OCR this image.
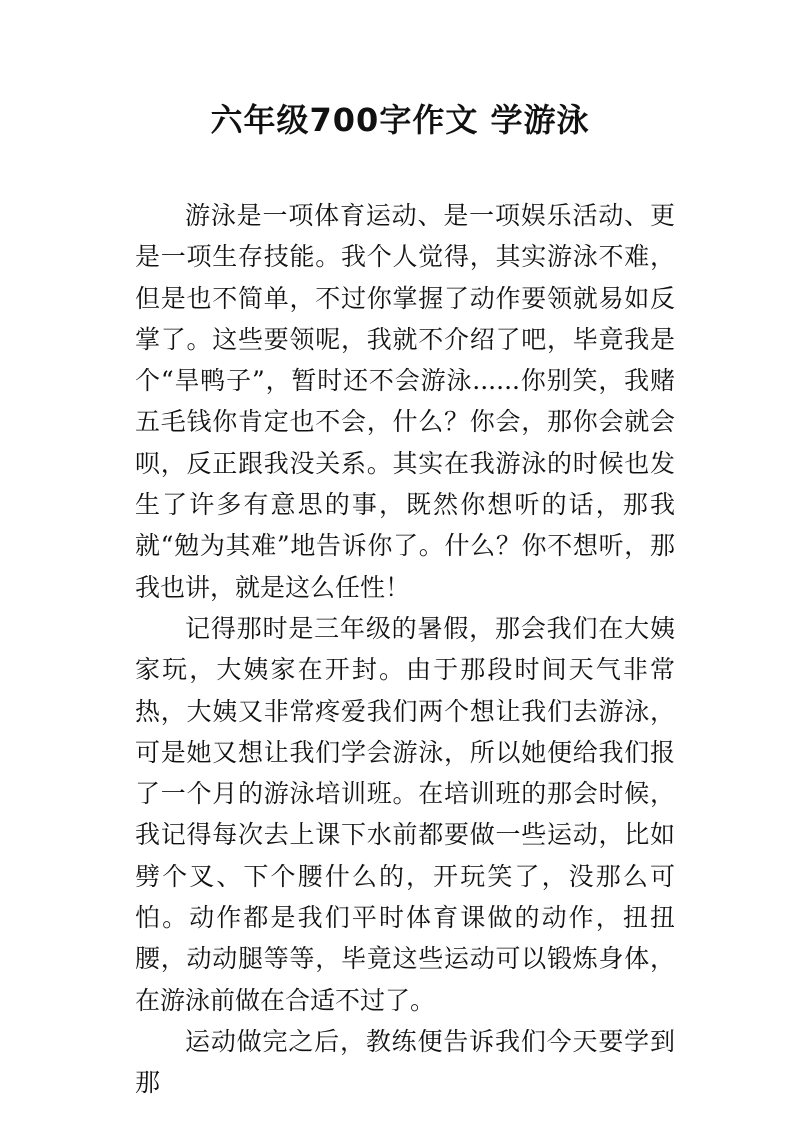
六年级700字作文 学游泳

游泳是一项体育运动、是一项娱乐活动、更是一项生存技能。我个人觉得，其实游泳不难，但是也不简单，不过你掌握了动作要领就易如反掌了。这些要领呢，我就不介绍了吧，毕竟我是个“旱鸭子”，暂时还不会游泳......你别笑，我赌五毛钱你肯定也不会，什么？你会，那你会就会呗，反正跟我没关系。其实在我游泳的时候也发生了许多有意思的事，既然你想听的话，那我就“勉为其难”地告诉你了。什么？你不想听，那我也讲，就是这么任性！

记得那时是三年级的暑假，那会我们在大姨家玩，大姨家在开封。由于那段时间天气非常热，大姨又非常疼爱我们两个想让我们去游泳，可是她又想让我们学会游泳，所以她便给我们报了一个月的游泳培训班。在培训班的那会时候，我记得每次去上课下水前都要做一些运动，比如劈个叉、下个腰什么的，开玩笑了，没那么可怕。动作都是我们平时体育课做的动作，扭扭腰，动动腿等等，毕竟这些运动可以锻炼身体，在游泳前做在合适不过了。

运动做完之后，教练便告诉我们今天要学到那
